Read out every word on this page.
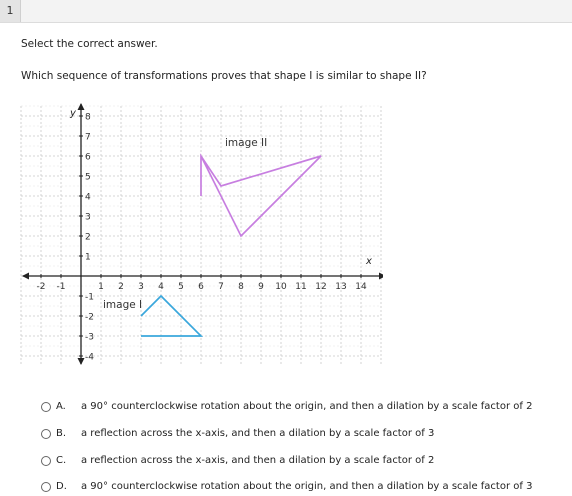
1
Select the correct answer.
Which sequence of transformations proves that shape I is similar to shape II?
-2 -1	1 2 3 4 5 6 7 8 9 10 11 12 13 14
8
7
6
5
4
3
2
1
-1
-2
-3
-4
x
y
image I
image II
A. a 90° counterclockwise rotation about the origin, and then a dilation by a scale factor of 2
B. a reflection across the x-axis, and then a dilation by a scale factor of 3
C. a reflection across the x-axis, and then a dilation by a scale factor of 2
D. a 90° counterclockwise rotation about the origin, and then a dilation by a scale factor of 3
